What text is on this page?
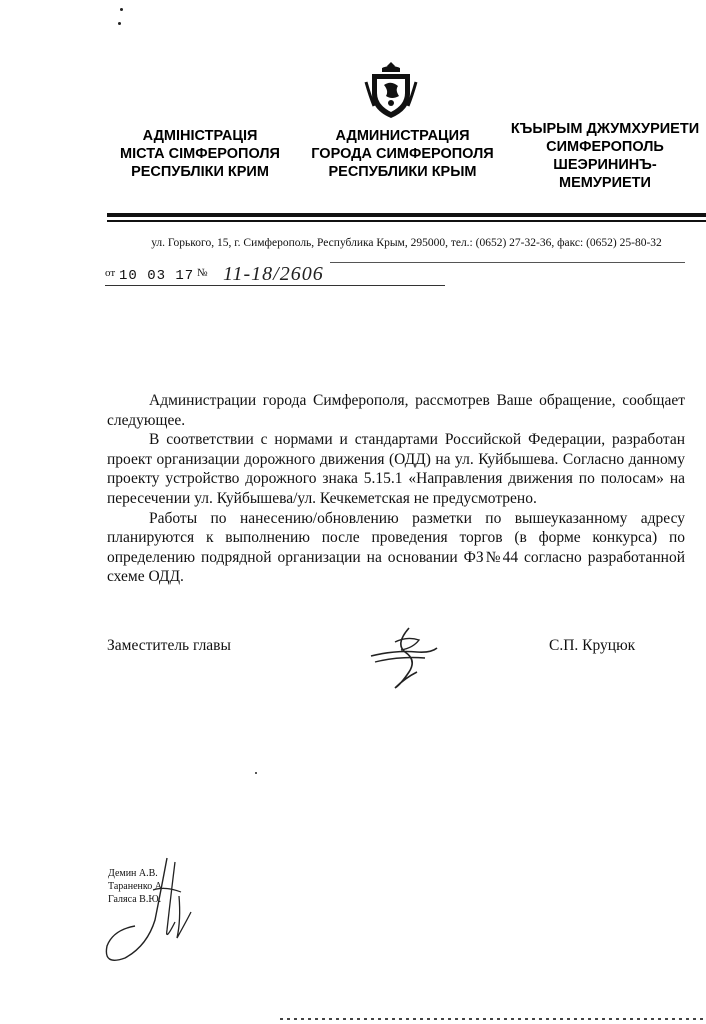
АДМІНІСТРАЦІЯ
МІСТА СІМФЕРОПОЛЯ
РЕСПУБЛІКИ КРИМ
АДМИНИСТРАЦИЯ
ГОРОДА СИМФЕРОПОЛЯ
РЕСПУБЛИКИ КРЫМ
КЪЫРЫМ ДЖУМХУРИЕТИ
СИМФЕРОПОЛЬ
ШЕЭРИНИНЪ-
МЕМУРИЕТИ
ул. Горького, 15, г. Симферополь, Республика Крым, 295000, тел.: (0652) 27-32-36, факс: (0652) 25-80-32
от 10 03 17 № 11-18/2606

Администрации города Симферополя, рассмотрев Ваше обращение, сообщает следующее.

В соответствии с нормами и стандартами Российской Федерации, разработан проект организации дорожного движения (ОДД) на ул. Куйбышева. Согласно данному проекту устройство дорожного знака 5.15.1 «Направления движения по полосам» на пересечении ул. Куйбышева/ул. Кечкеметская не предусмотрено.

Работы по нанесению/обновлению разметки по вышеуказанному адресу планируются к выполнению после проведения торгов (в форме конкурса) по определению подрядной организации на основании ФЗ№44 согласно разработанной схеме ОДД.

Заместитель главы	С.П. Круцюк
Демин А.В.
Тараненко А.
Галяса В.Ю.
